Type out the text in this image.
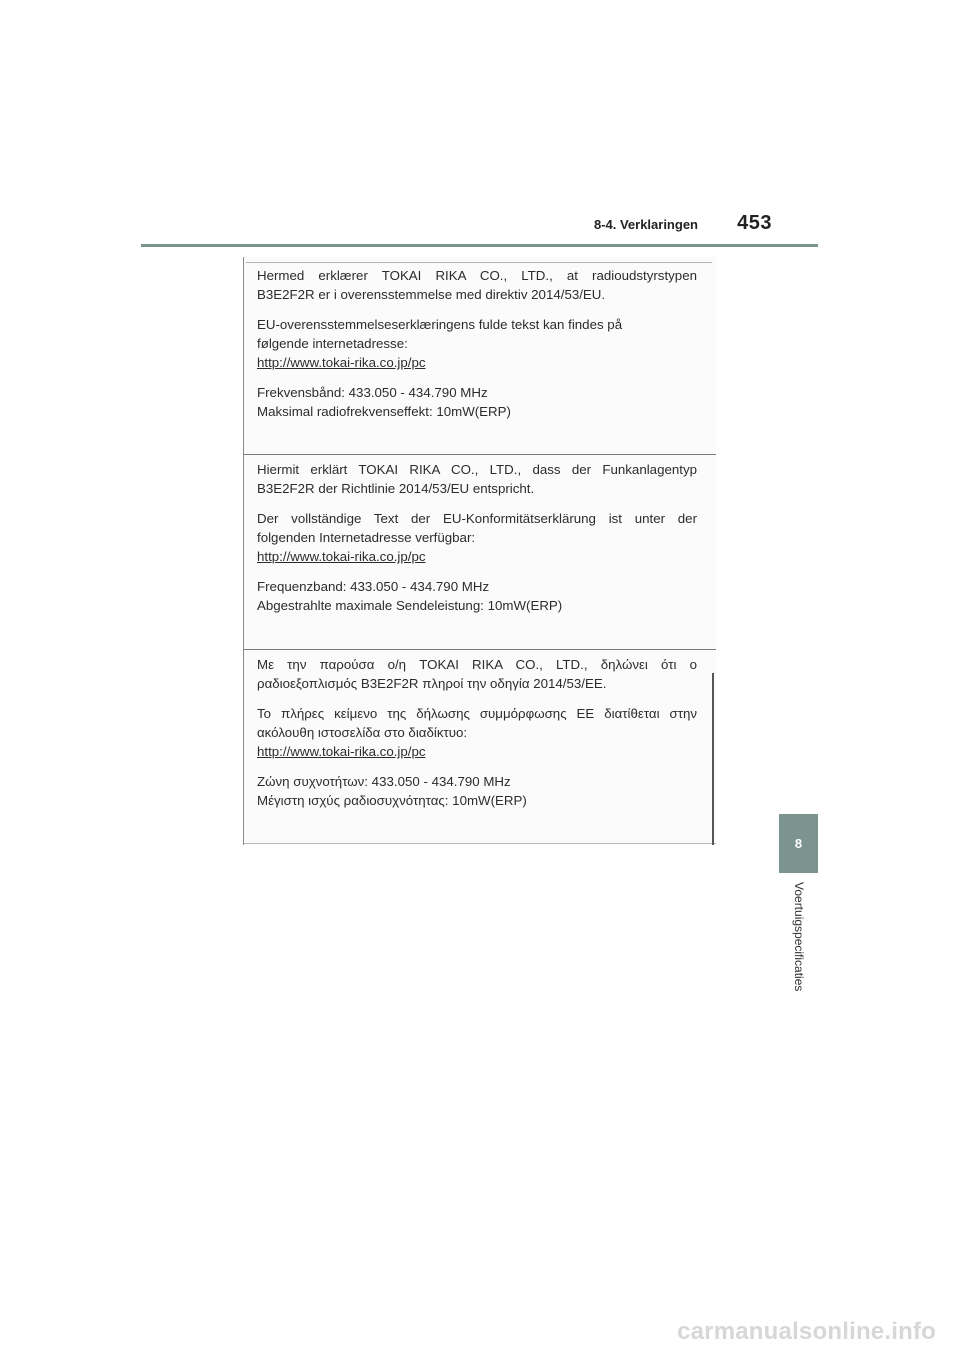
8-4. Verklaringen 453
8
Voertuigspecificaties

Hermed erklærer TOKAI RIKA CO., LTD., at radioudstyrstypen

B3E2F2R er i overensstemmelse med direktiv 2014/53/EU.

EU-overensstemmelseserklæringens fulde tekst kan findes på

følgende internetadresse:

http://www.tokai-rika.co.jp/pc

Frekvensbånd: 433.050 - 434.790 MHz

Maksimal radiofrekvenseffekt: 10mW(ERP)

Hiermit erklärt TOKAI RIKA CO., LTD., dass der Funkanlagentyp

B3E2F2R der Richtlinie 2014/53/EU entspricht.

Der vollständige Text der EU-Konformitätserklärung ist unter der

folgenden Internetadresse verfügbar:

http://www.tokai-rika.co.jp/pc

Frequenzband: 433.050 - 434.790 MHz

Abgestrahlte maximale Sendeleistung: 10mW(ERP)

Με την παρούσα ο/η TOKAI RIKA CO., LTD., δηλώνει ότι ο

ραδιοεξοπλισμός B3E2F2R πληροί την οδηγία 2014/53/ΕΕ.

Το πλήρες κείμενο της δήλωσης συμμόρφωσης ΕΕ διατίθεται στην

ακόλουθη ιστοσελίδα στο διαδίκτυο:

http://www.tokai-rika.co.jp/pc

Ζώνη συχνοτήτων: 433.050 - 434.790 MHz

Μέγιστη ισχύς ραδιοσυχνότητας: 10mW(ERP)

carmanualsonline.info
